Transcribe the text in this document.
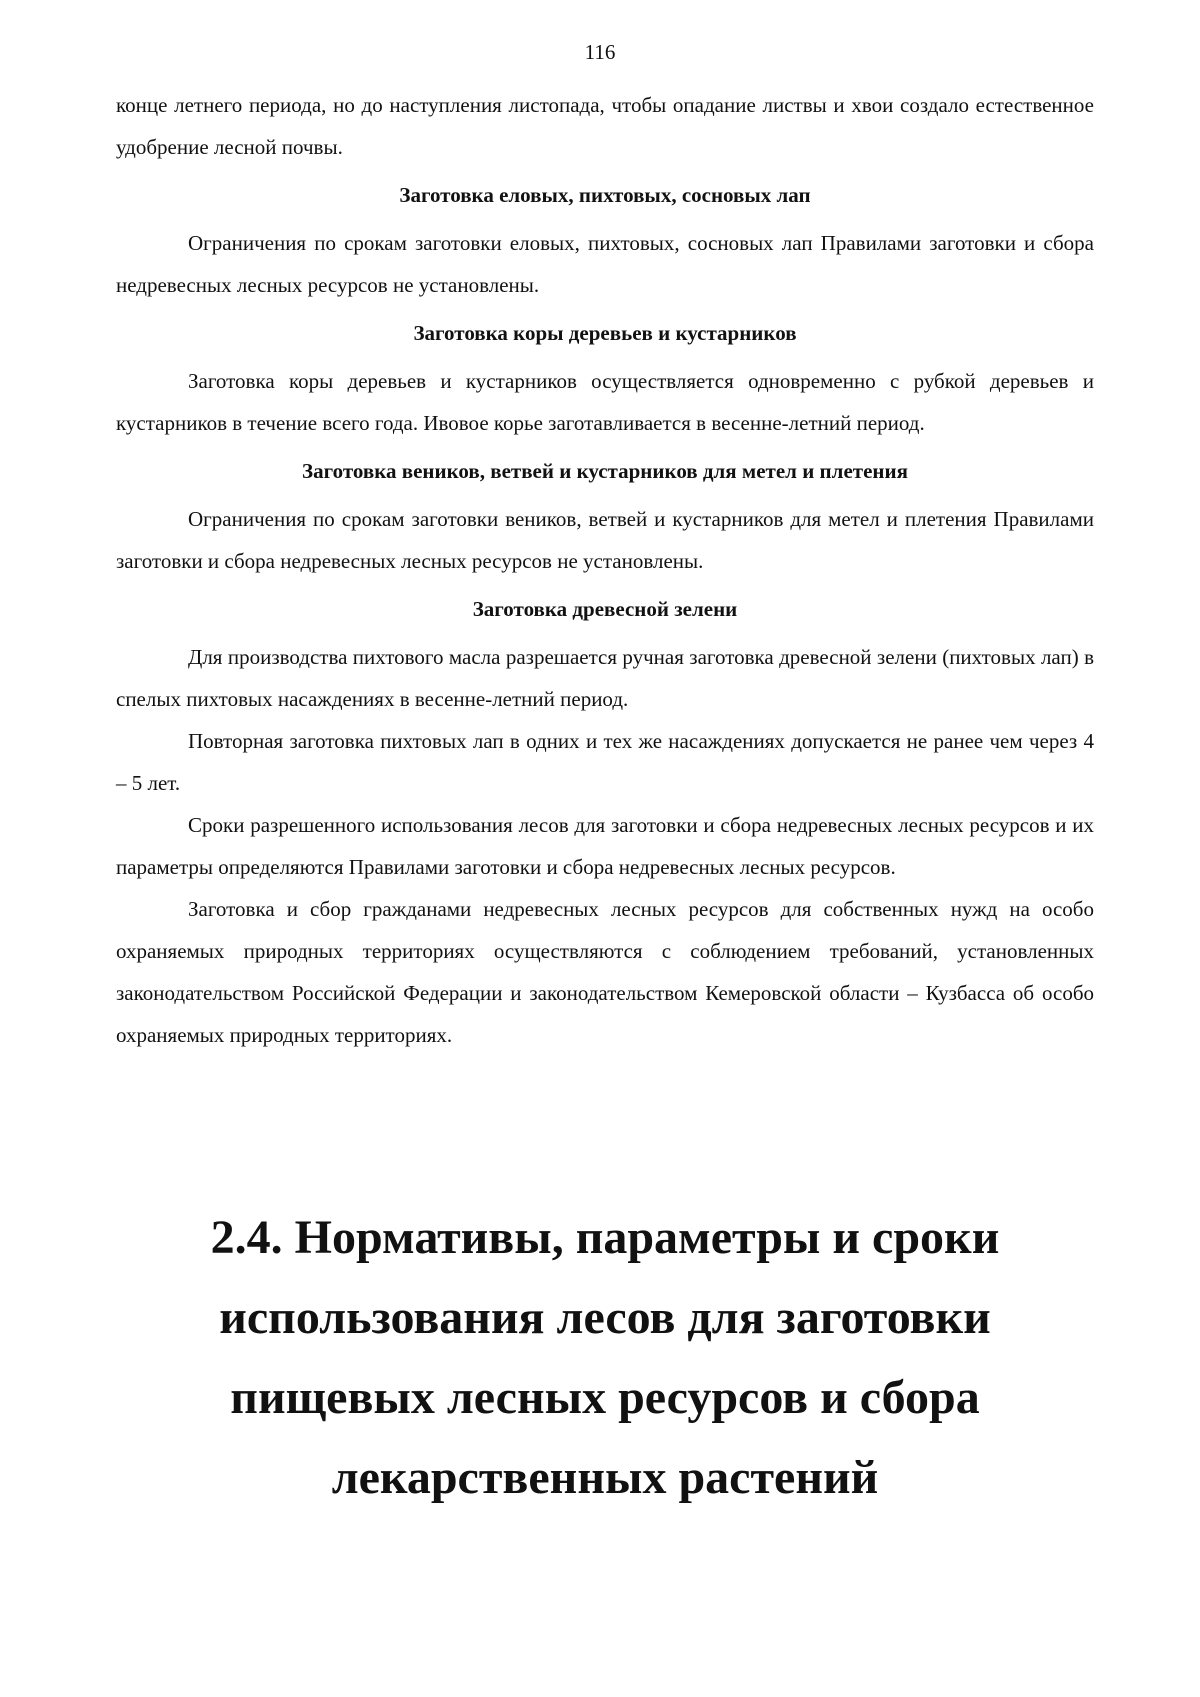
116

конце летнего периода, но до наступления листопада, чтобы опадание листвы и хвои создало естественное удобрение лесной почвы.

Заготовка еловых, пихтовых, сосновых лап

Ограничения по срокам заготовки еловых, пихтовых, сосновых лап Правилами заготовки и сбора недревесных лесных ресурсов не установлены.

Заготовка коры деревьев и кустарников

Заготовка коры деревьев и кустарников осуществляется одновременно с рубкой деревьев и кустарников в течение всего года. Ивовое корье заготавливается в весенне-летний период.

Заготовка веников, ветвей и кустарников для метел и плетения

Ограничения по срокам заготовки веников, ветвей и кустарников для метел и плетения Правилами заготовки и сбора недревесных лесных ресурсов не установлены.

Заготовка древесной зелени

Для производства пихтового масла разрешается ручная заготовка древесной зелени (пихтовых лап) в спелых пихтовых насаждениях в весенне-летний период.

Повторная заготовка пихтовых лап в одних и тех же насаждениях допускается не ранее чем через 4 – 5 лет.

Сроки разрешенного использования лесов для заготовки и сбора недревесных лесных ресурсов и их параметры определяются Правилами заготовки и сбора недревесных лесных ресурсов.

Заготовка и сбор гражданами недревесных лесных ресурсов для собственных нужд на особо охраняемых природных территориях осуществляются с соблюдением требований, установленных законодательством Российской Федерации и законодательством Кемеровской области – Кузбасса об особо охраняемых природных территориях.

2.4. Нормативы, параметры и сроки
использования лесов для заготовки
пищевых лесных ресурсов и сбора
лекарственных растений
